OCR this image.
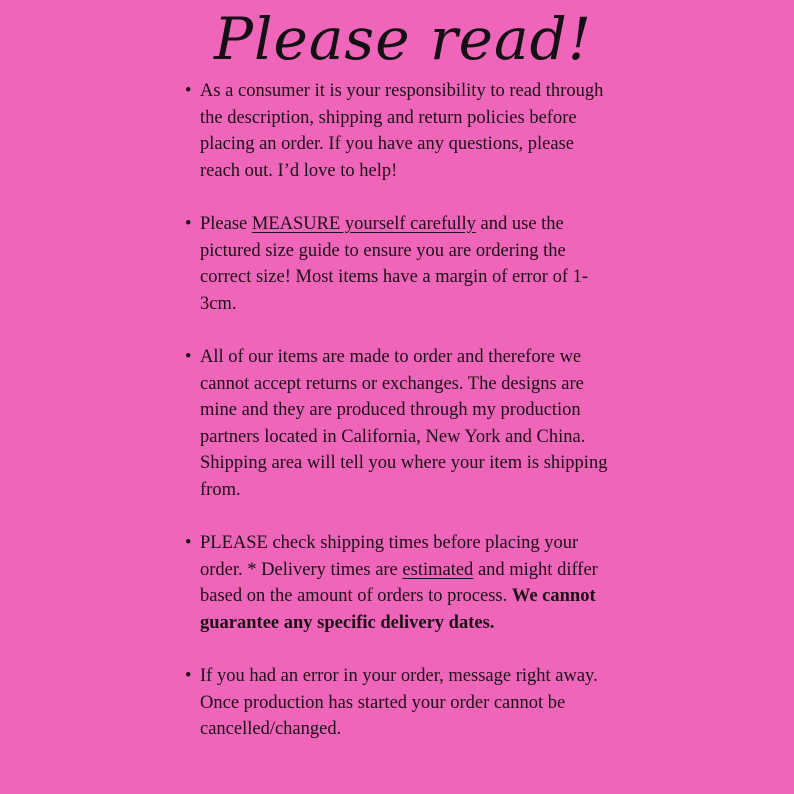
Please read!
• As a consumer it is your responsibility to read through the description, shipping and return policies before placing an order. If you have any questions, please reach out. I’d love to help!
• Please MEASURE yourself carefully and use the pictured size guide to ensure you are ordering the correct size! Most items have a margin of error of 1-3cm.
• All of our items are made to order and therefore we cannot accept returns or exchanges. The designs are mine and they are produced through my production partners located in California, New York and China. Shipping area will tell you where your item is shipping from.
• PLEASE check shipping times before placing your order. * Delivery times are estimated and might differ based on the amount of orders to process. We cannot guarantee any specific delivery dates.
• If you had an error in your order, message right away. Once production has started your order cannot be cancelled/changed.
